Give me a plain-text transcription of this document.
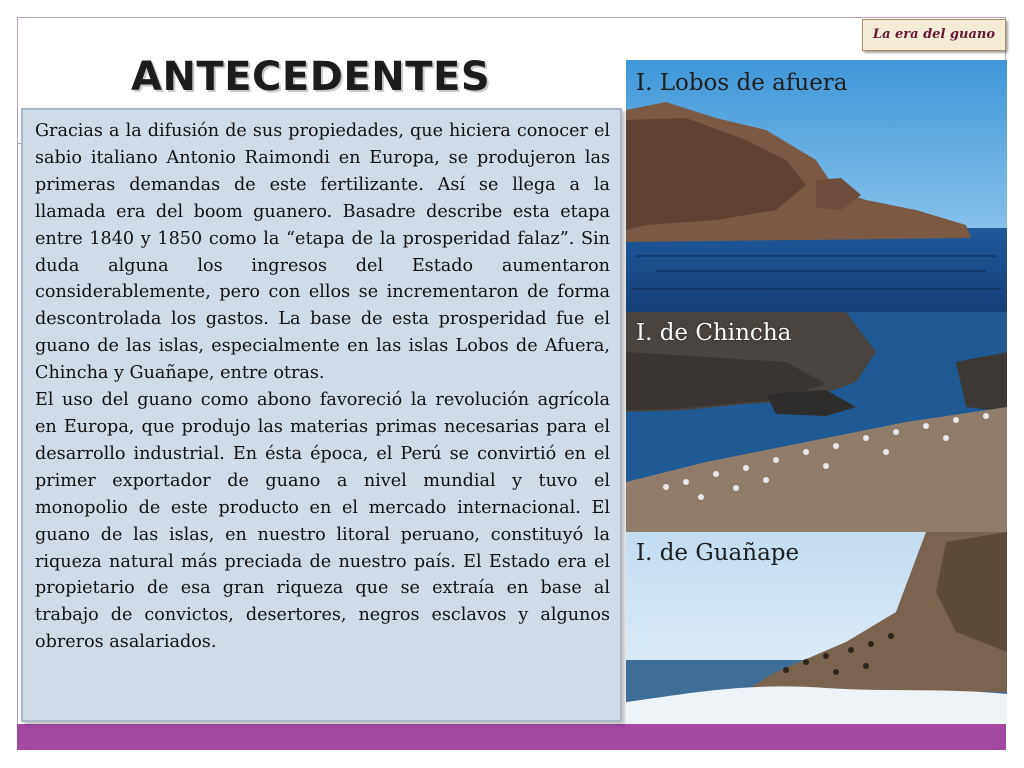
La era del guano
ANTECEDENTES

Gracias a la difusión de sus propiedades, que hiciera conocer el sabio italiano Antonio Raimondi en Europa, se produjeron las primeras demandas de este fertilizante. Así se llega a la llamada era del boom guanero. Basadre describe esta etapa entre 1840 y 1850 como la “etapa de la prosperidad falaz”. Sin duda alguna los ingresos del Estado aumentaron considerablemente, pero con ellos se incrementaron de forma descontrolada los gastos. La base de esta prosperidad fue el guano de las islas, especialmente en las islas Lobos de Afuera, Chincha y Guañape, entre otras.

El uso del guano como abono favoreció la revolución agrícola en Europa, que produjo las materias primas necesarias para el desarrollo industrial. En ésta época, el Perú se convirtió en el primer exportador de guano a nivel mundial y tuvo el monopolio de este producto en el mercado internacional. El guano de las islas, en nuestro litoral peruano, constituyó la riqueza natural más preciada de nuestro país. El Estado era el propietario de esa gran riqueza que se extraía en base al trabajo de convictos, desertores, negros esclavos y algunos obreros asalariados.

I. Lobos de afuera
I. de Chincha
I. de Guañape
